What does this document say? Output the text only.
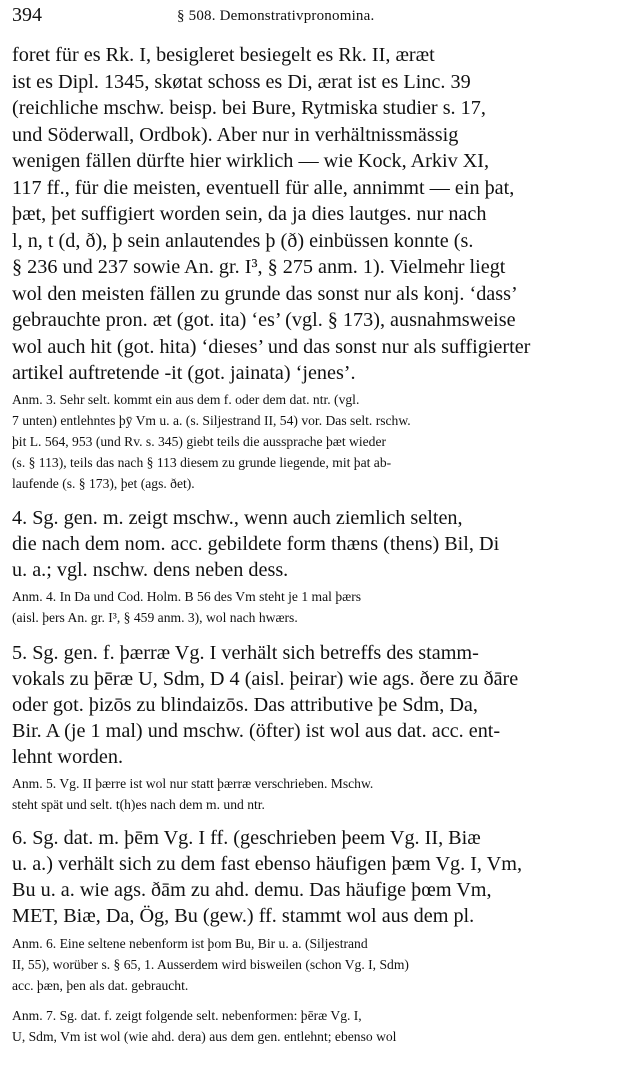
394	§ 508. Demonstrativpronomina.
foret für es Rk. I, besigleret besiegelt es Rk. II, æræt
ist es Dipl. 1345, skøtat schoss es Di, ærat ist es Linc. 39
(reichliche mschw. beisp. bei Bure, Rytmiska studier s. 17,
und Söderwall, Ordbok). Aber nur in verhältnissmässig
wenigen fällen dürfte hier wirklich — wie Kock, Arkiv XI,
117 ff., für die meisten, eventuell für alle, annimmt — ein þat,
þæt, þet suffigiert worden sein, da ja dies lautges. nur nach
l, n, t (d, ð), þ sein anlautendes þ (ð) einbüssen konnte (s.
§ 236 und 237 sowie An. gr. I³, § 275 anm. 1). Vielmehr liegt
wol den meisten fällen zu grunde das sonst nur als konj. ‘dass’
gebrauchte pron. æt (got. ita) ‘es’ (vgl. § 173), ausnahmsweise
wol auch hit (got. hita) ‘dieses’ und das sonst nur als suffigierter
artikel auftretende -it (got. jainata) ‘jenes’.
Anm. 3. Sehr selt. kommt ein aus dem f. oder dem dat. ntr. (vgl.
7 unten) entlehntes þȳ Vm u. a. (s. Siljestrand II, 54) vor. Das selt. rschw.
þit L. 564, 953 (und Rv. s. 345) giebt teils die aussprache þæt wieder
(s. § 113), teils das nach § 113 diesem zu grunde liegende, mit þat ab-
laufende (s. § 173), þet (ags. ðet).
4. Sg. gen. m. zeigt mschw., wenn auch ziemlich selten,
die nach dem nom. acc. gebildete form thæns (thens) Bil, Di
u. a.; vgl. nschw. dens neben dess.
Anm. 4. In Da und Cod. Holm. B 56 des Vm steht je 1 mal þærs
(aisl. þers An. gr. I³, § 459 anm. 3), wol nach hwærs.
5. Sg. gen. f. þærræ Vg. I verhält sich betreffs des stamm-
vokals zu þēræ U, Sdm, D 4 (aisl. þeirar) wie ags. ðere zu ðāre
oder got. þizōs zu blindaizōs. Das attributive þe Sdm, Da,
Bir. A (je 1 mal) und mschw. (öfter) ist wol aus dat. acc. ent-
lehnt worden.
Anm. 5. Vg. II þærre ist wol nur statt þærræ verschrieben. Mschw.
steht spät und selt. t(h)es nach dem m. und ntr.
6. Sg. dat. m. þēm Vg. I ff. (geschrieben þeem Vg. II, Biæ
u. a.) verhält sich zu dem fast ebenso häufigen þæm Vg. I, Vm,
Bu u. a. wie ags. ðām zu ahd. demu. Das häufige þœm Vm,
MET, Biæ, Da, Ög, Bu (gew.) ff. stammt wol aus dem pl.
Anm. 6. Eine seltene nebenform ist þom Bu, Bir u. a. (Siljestrand
II, 55), worüber s. § 65, 1. Ausserdem wird bisweilen (schon Vg. I, Sdm)
acc. þæn, þen als dat. gebraucht.
Anm. 7. Sg. dat. f. zeigt folgende selt. nebenformen: þēræ Vg. I,
U, Sdm, Vm ist wol (wie ahd. dera) aus dem gen. entlehnt; ebenso wol
